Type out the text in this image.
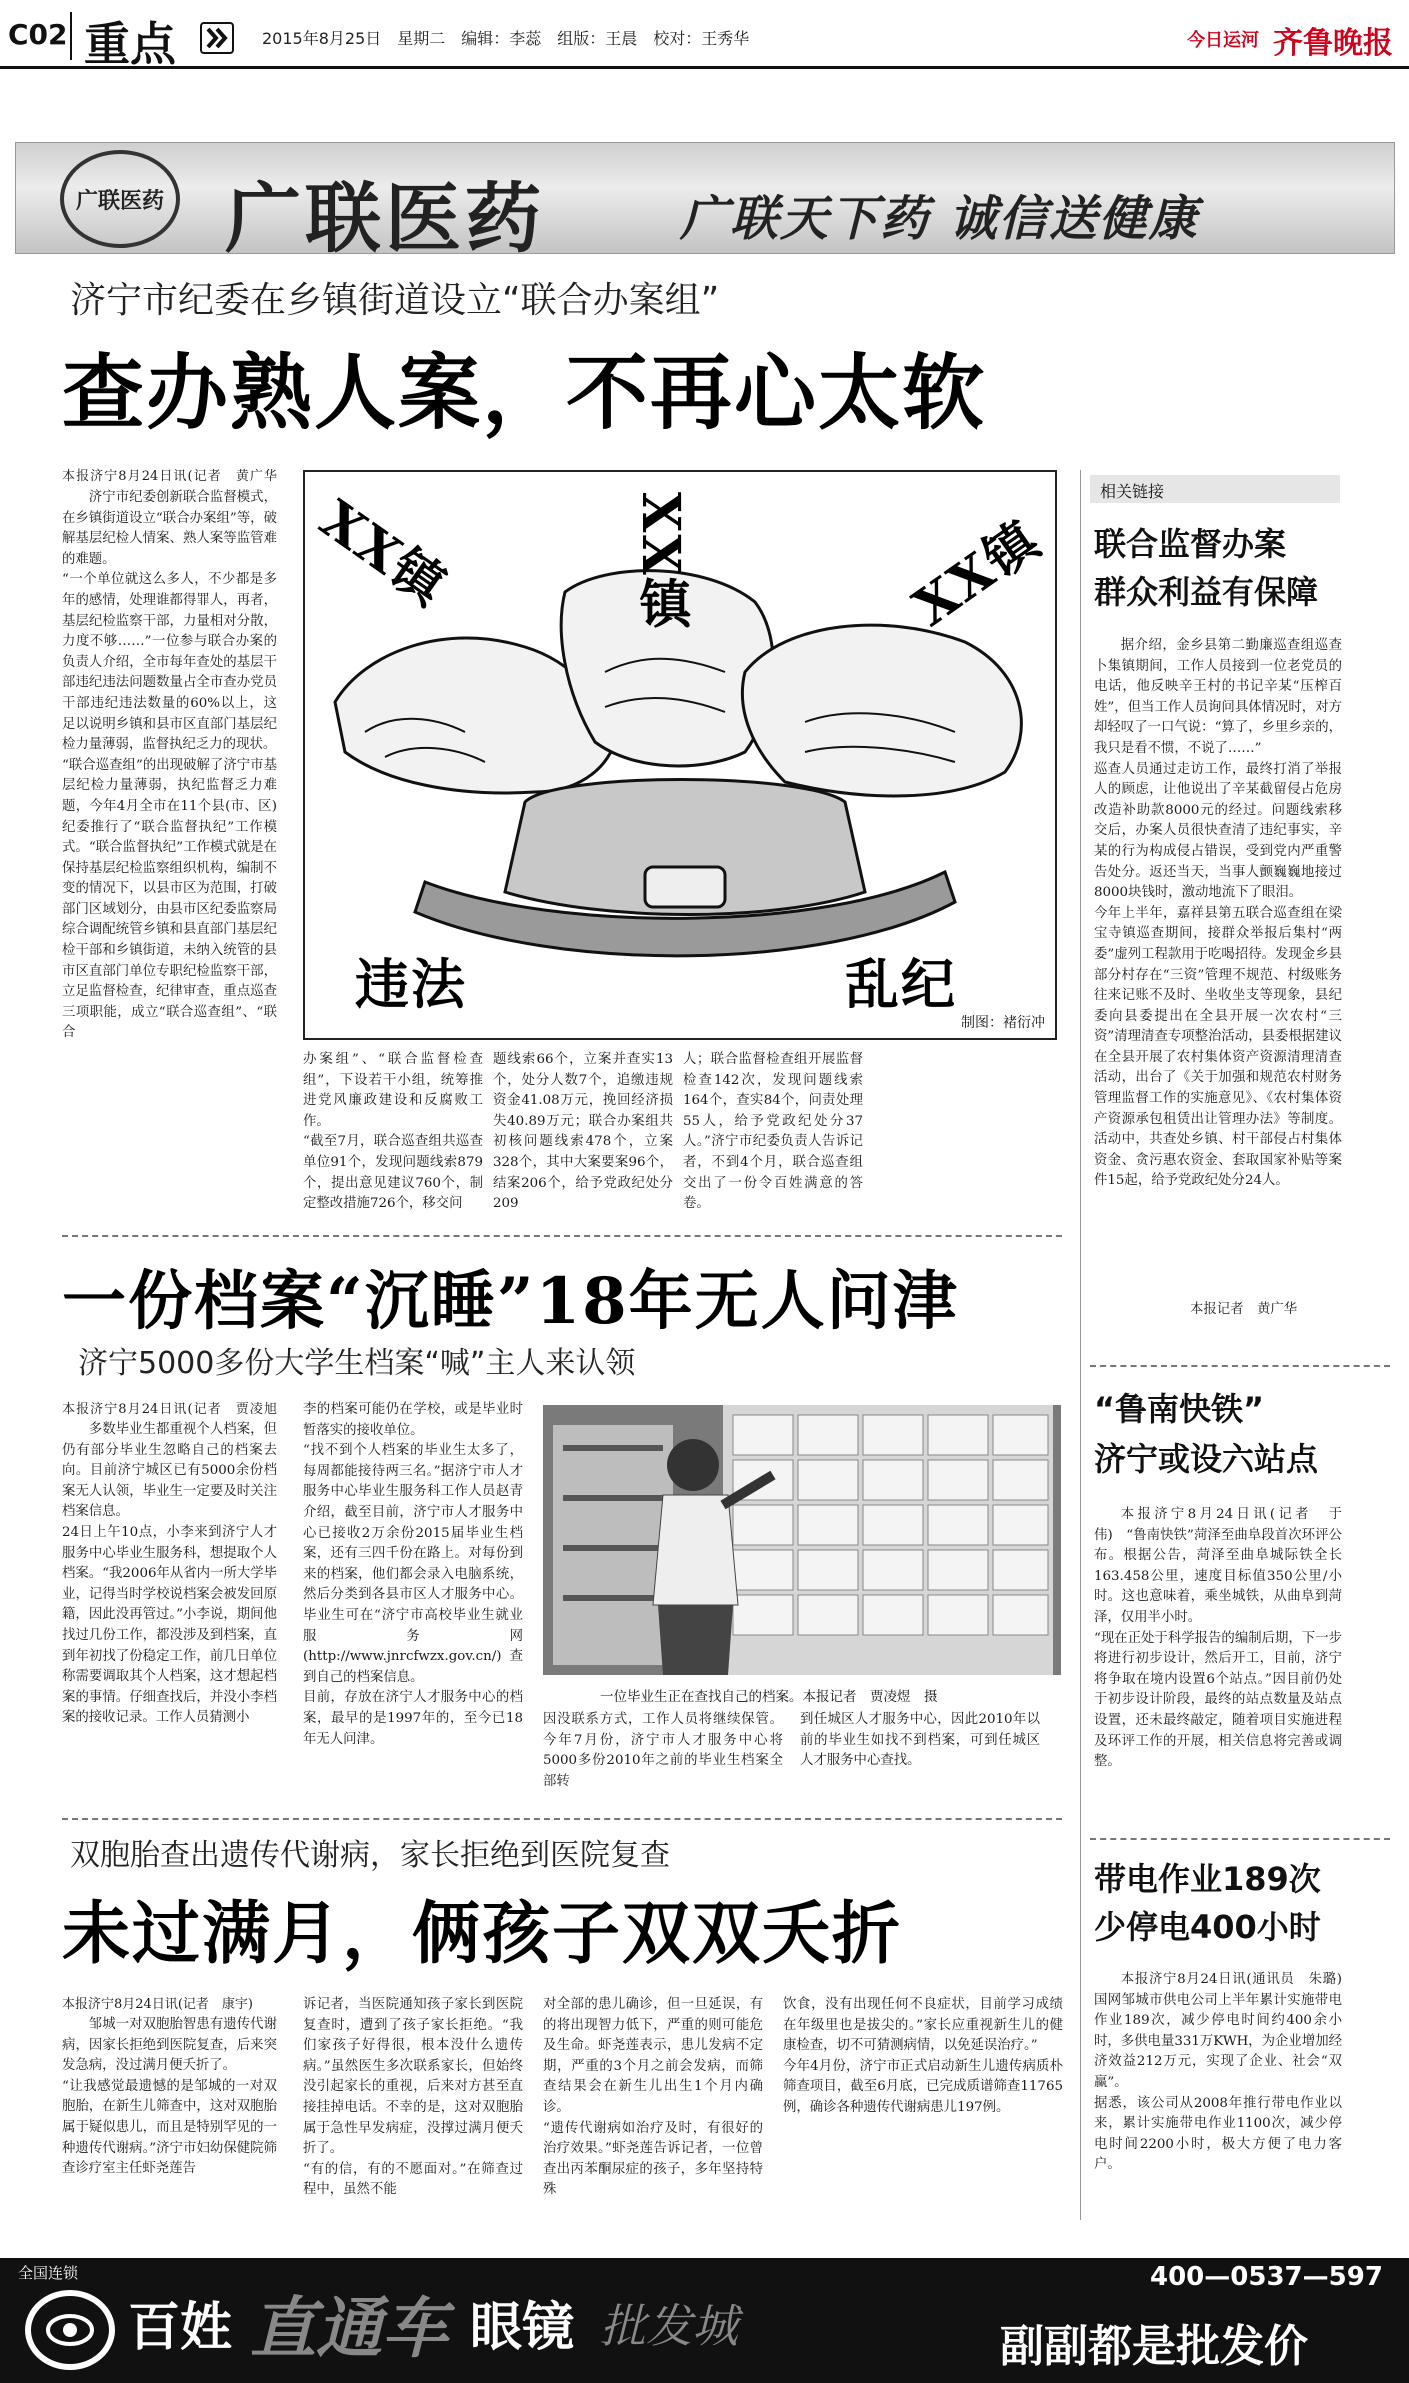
C02 重点	2015年8月25日　星期二　编辑：李蕊　组版：王晨　校对：王秀华	今日运河 齐鲁晚报
广联医药 广联医药	广联天下药 诚信送健康
济宁市纪委在乡镇街道设立“联合办案组”
查办熟人案，不再心太软
本报济宁8月24日讯(记者　黄广华　　
济宁市纪委创新联合监督模式，在乡镇街道设立“联合办案组”等，破解基层纪检人情案、熟人案等监管难的难题。
“一个单位就这么多人，不少都是多年的感情，处理谁都得罪人，再者，基层纪检监察干部，力量相对分散，力度不够……”一位参与联合办案的负责人介绍，全市每年查处的基层干部违纪违法问题数量占全市查办党员干部违纪违法数量的60%以上，这足以说明乡镇和县市区直部门基层纪检力量薄弱，监督执纪乏力的现状。
“联合巡查组”的出现破解了济宁市基层纪检力量薄弱，执纪监督乏力难题，今年4月全市在11个县(市、区)纪委推行了“联合监督执纪”工作模式。“联合监督执纪”工作模式就是在保持基层纪检监察组织机构，编制不变的情况下，以县市区为范围，打破部门区域划分，由县市区纪委监察局综合调配统管乡镇和县直部门基层纪检干部和乡镇街道，未纳入统管的县市区直部门单位专职纪检监察干部，立足监督检查，纪律审查，重点巡查三项职能，成立“联合巡查组”、“联合
XX镇	XX镇	XX镇
违法	乱纪
制图：褚衍冲
办案组”、“联合监督检查组”，下设若干小组，统筹推进党风廉政建设和反腐败工作。
“截至7月，联合巡查组共巡查单位91个，发现问题线索879个，提出意见建议760个，制定整改措施726个，移交问
题线索66个，立案并查实13个，处分人数7个，追缴违规资金41.08万元，挽回经济损失40.89万元；联合办案组共初核问题线索478个，立案328个，其中大案要案96个，结案206个，给予党政纪处分209
人；联合监督检查组开展监督检查142次，发现问题线索164个，查实84个，问责处理55人，给予党政纪处分37人。”济宁市纪委负责人告诉记者，不到4个月，联合巡查组交出了一份令百姓满意的答卷。
相关链接
联合监督办案
群众利益有保障
据介绍，金乡县第二勤廉巡查组巡查卜集镇期间，工作人员接到一位老党员的电话，他反映辛王村的书记辛某“压榨百姓”，但当工作人员询问具体情况时，对方却轻叹了一口气说：“算了，乡里乡亲的，我只是看不惯，不说了……”
巡查人员通过走访工作，最终打消了举报人的顾虑，让他说出了辛某截留侵占危房改造补助款8000元的经过。问题线索移交后，办案人员很快查清了违纪事实，辛某的行为构成侵占错误，受到党内严重警告处分。返还当天，当事人颤巍巍地接过8000块钱时，激动地流下了眼泪。
今年上半年，嘉祥县第五联合巡查组在梁宝寺镇巡查期间，接群众举报后集村“两委”虚列工程款用于吃喝招待。发现金乡县部分村存在“三资”管理不规范、村级账务往来记账不及时、坐收坐支等现象，县纪委向县委提出在全县开展一次农村“三资”清理清查专项整治活动，县委根据建议在全县开展了农村集体资产资源清理清查活动，出台了《关于加强和规范农村财务管理监督工作的实施意见》、《农村集体资产资源承包租赁出让管理办法》等制度。活动中，共查处乡镇、村干部侵占村集体资金、贪污惠农资金、套取国家补贴等案件15起，给予党政纪处分24人。
本报记者　黄广华
一份档案“沉睡”18年无人问津
济宁5000多份大学生档案“喊”主人来认领
本报济宁8月24日讯(记者　贾凌旭　　
多数毕业生都重视个人档案，但仍有部分毕业生忽略自己的档案去向。目前济宁城区已有5000余份档案无人认领，毕业生一定要及时关注档案信息。
24日上午10点，小李来到济宁人才服务中心毕业生服务科，想提取个人档案。“我2006年从省内一所大学毕业，记得当时学校说档案会被发回原籍，因此没再管过。”小李说，期间他找过几份工作，都没涉及到档案，直到年初找了份稳定工作，前几日单位称需要调取其个人档案，这才想起档案的事情。仔细查找后，并没小李档案的接收记录。工作人员猜测小
李的档案可能仍在学校，或是毕业时暂落实的接收单位。
“找不到个人档案的毕业生太多了，每周都能接待两三名。”据济宁市人才服务中心毕业生服务科工作人员赵青介绍，截至目前，济宁市人才服务中心已接收2万余份2015届毕业生档案，还有三四千份在路上。对每份到来的档案，他们都会录入电脑系统，然后分类到各县市区人才服务中心。毕业生可在“济宁市高校毕业生就业服务网(http://www.jnrcfwzx.gov.cn/)查到自己的档案信息。
目前，存放在济宁人才服务中心的档案，最早的是1997年的，至今已18年无人问津。
一位毕业生正在查找自己的档案。本报记者　贾凌煜　摄
因没联系方式，工作人员将继续保管。今年7月份，济宁市人才服务中心将5000多份2010年之前的毕业生档案全部转
到任城区人才服务中心，因此2010年以前的毕业生如找不到档案，可到任城区人才服务中心查找。
“鲁南快铁”
济宁或设六站点
本报济宁8月24日讯(记者　于伟)　“鲁南快铁”菏泽至曲阜段首次环评公布。根据公告，菏泽至曲阜城际铁全长163.458公里，速度目标值350公里/小时。这也意味着，乘坐城铁，从曲阜到菏泽，仅用半小时。
“现在正处于科学报告的编制后期，下一步将进行初步设计，然后开工，目前，济宁将争取在境内设置6个站点。”因目前仍处于初步设计阶段，最终的站点数量及站点设置，还未最终敲定，随着项目实施进程及环评工作的开展，相关信息将完善或调整。
双胞胎查出遗传代谢病，家长拒绝到医院复查
未过满月，俩孩子双双夭折
本报济宁8月24日讯(记者　康宇)
邹城一对双胞胎智患有遗传代谢病，因家长拒绝到医院复查，后来突发急病，没过满月便夭折了。
“让我感觉最遗憾的是邹城的一对双胞胎，在新生儿筛查中，这对双胞胎属于疑似患儿，而且是特别罕见的一种遗传代谢病。”济宁市妇幼保健院筛查诊疗室主任虾尧莲告
诉记者，当医院通知孩子家长到医院复查时，遭到了孩子家长拒绝。“我们家孩子好得很，根本没什么遗传病。”虽然医生多次联系家长，但始终没引起家长的重视，后来对方甚至直接挂掉电话。不幸的是，这对双胞胎属于急性早发病症，没撑过满月便夭折了。
“有的信，有的不愿面对。”在筛查过程中，虽然不能
对全部的患儿确诊，但一旦延误，有的将出现智力低下，严重的则可能危及生命。虾尧莲表示，患儿发病不定期，严重的3个月之前会发病，而筛查结果会在新生儿出生1个月内确诊。
“遗传代谢病如治疗及时，有很好的治疗效果。”虾尧莲告诉记者，一位曾查出丙苯酮尿症的孩子，多年坚持特殊
饮食，没有出现任何不良症状，目前学习成绩在年级里也是拔尖的。”家长应重视新生儿的健康检查，切不可猜测病情，以免延误治疗。”
今年4月份，济宁市正式启动新生儿遗传病质朴筛查项目，截至6月底，已完成质谱筛查11765例，确诊各种遗传代谢病患儿197例。
带电作业189次
少停电400小时
本报济宁8月24日讯(通讯员　朱璐)　国网邹城市供电公司上半年累计实施带电作业189次，减少停电时间约400余小时，多供电量331万KWH，为企业增加经济效益212万元，实现了企业、社会“双赢”。
据悉，该公司从2008年推行带电作业以来，累计实施带电作业1100次，减少停电时间2200小时，极大方便了电力客户。
全国连锁
百姓 直通车 眼镜 批发城
400—0537—597
副副都是批发价
